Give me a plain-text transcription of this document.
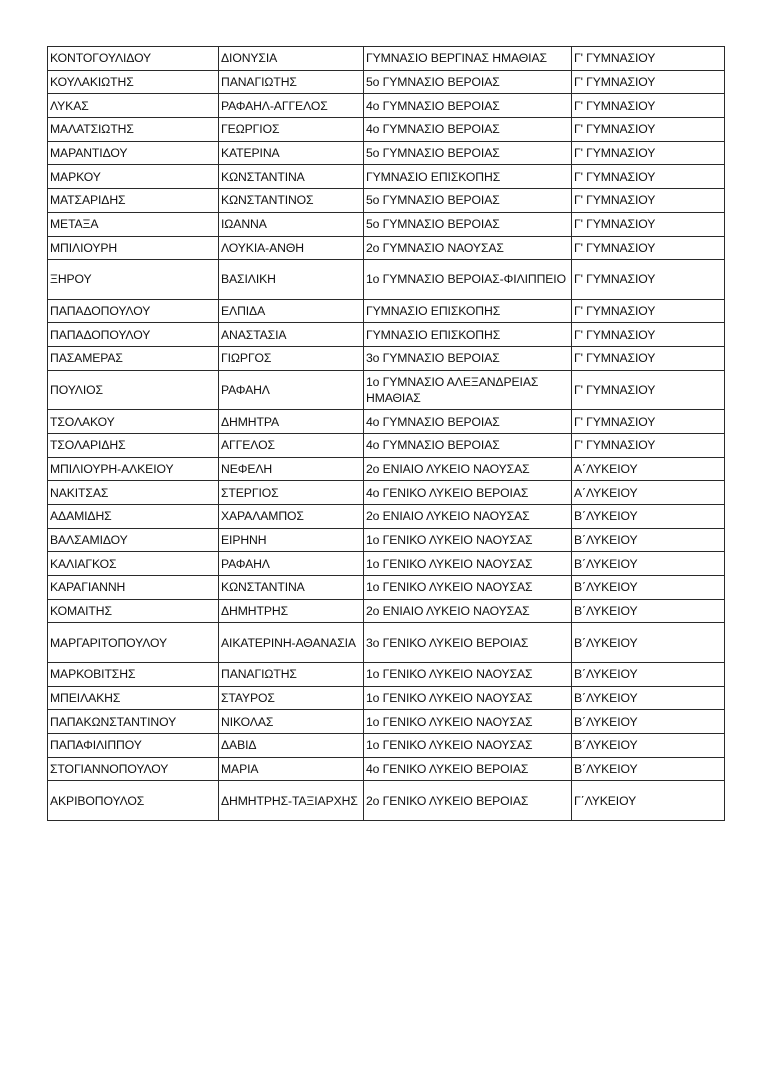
ΚΟΝΤΟΓΟΥΛΙΔΟΥ	ΔΙΟΝΥΣΙΑ	ΓΥΜΝΑΣΙΟ ΒΕΡΓΙΝΑΣ ΗΜΑΘΙΑΣ	Γ' ΓΥΜΝΑΣΙΟΥ
ΚΟΥΛΑΚΙΩΤΗΣ	ΠΑΝΑΓΙΩΤΗΣ	5ο ΓΥΜΝΑΣΙΟ ΒΕΡΟΙΑΣ	Γ' ΓΥΜΝΑΣΙΟΥ
ΛΥΚΑΣ	ΡΑΦΑΗΛ-ΑΓΓΕΛΟΣ	4ο ΓΥΜΝΑΣΙΟ ΒΕΡΟΙΑΣ	Γ' ΓΥΜΝΑΣΙΟΥ
ΜΑΛΑΤΣΙΩΤΗΣ	ΓΕΩΡΓΙΟΣ	4ο ΓΥΜΝΑΣΙΟ ΒΕΡΟΙΑΣ	Γ' ΓΥΜΝΑΣΙΟΥ
ΜΑΡΑΝΤΙΔΟΥ	ΚΑΤΕΡΙΝΑ	5ο ΓΥΜΝΑΣΙΟ ΒΕΡΟΙΑΣ	Γ' ΓΥΜΝΑΣΙΟΥ
ΜΑΡΚΟΥ	ΚΩΝΣΤΑΝΤΙΝΑ	ΓΥΜΝΑΣΙΟ ΕΠΙΣΚΟΠΗΣ	Γ' ΓΥΜΝΑΣΙΟΥ
ΜΑΤΣΑΡΙΔΗΣ	ΚΩΝΣΤΑΝΤΙΝΟΣ	5ο ΓΥΜΝΑΣΙΟ ΒΕΡΟΙΑΣ	Γ' ΓΥΜΝΑΣΙΟΥ
ΜΕΤΑΞΑ	ΙΩΑΝΝΑ	5ο ΓΥΜΝΑΣΙΟ ΒΕΡΟΙΑΣ	Γ' ΓΥΜΝΑΣΙΟΥ
ΜΠΙΛΙΟΥΡΗ	ΛΟΥΚΙΑ-ΑΝΘΗ	2ο ΓΥΜΝΑΣΙΟ ΝΑΟΥΣΑΣ	Γ' ΓΥΜΝΑΣΙΟΥ
ΞΗΡΟΥ	ΒΑΣΙΛΙΚΗ	1ο ΓΥΜΝΑΣΙΟ ΒΕΡΟΙΑΣ-ΦΙΛΙΠΠΕΙΟ	Γ' ΓΥΜΝΑΣΙΟΥ
ΠΑΠΑΔΟΠΟΥΛΟΥ	ΕΛΠΙΔΑ	ΓΥΜΝΑΣΙΟ ΕΠΙΣΚΟΠΗΣ	Γ' ΓΥΜΝΑΣΙΟΥ
ΠΑΠΑΔΟΠΟΥΛΟΥ	ΑΝΑΣΤΑΣΙΑ	ΓΥΜΝΑΣΙΟ ΕΠΙΣΚΟΠΗΣ	Γ' ΓΥΜΝΑΣΙΟΥ
ΠΑΣΑΜΕΡΑΣ	ΓΙΩΡΓΟΣ	3ο ΓΥΜΝΑΣΙΟ ΒΕΡΟΙΑΣ	Γ' ΓΥΜΝΑΣΙΟΥ
ΠΟΥΛΙΟΣ	ΡΑΦΑΗΛ	1ο ΓΥΜΝΑΣΙΟ ΑΛΕΞΑΝΔΡΕΙΑΣ ΗΜΑΘΙΑΣ	Γ' ΓΥΜΝΑΣΙΟΥ
ΤΣΟΛΑΚΟΥ	ΔΗΜΗΤΡΑ	4ο ΓΥΜΝΑΣΙΟ ΒΕΡΟΙΑΣ	Γ' ΓΥΜΝΑΣΙΟΥ
ΤΣΟΛΑΡΙΔΗΣ	ΑΓΓΕΛΟΣ	4ο ΓΥΜΝΑΣΙΟ ΒΕΡΟΙΑΣ	Γ' ΓΥΜΝΑΣΙΟΥ
ΜΠΙΛΙΟΥΡΗ-ΑΛΚΕΙΟΥ	ΝΕΦΕΛΗ	2ο ΕΝΙΑΙΟ ΛΥΚΕΙΟ ΝΑΟΥΣΑΣ	Α΄ΛΥΚΕΙΟΥ
ΝΑΚΙΤΣΑΣ	ΣΤΕΡΓΙΟΣ	4ο ΓΕΝΙΚΟ ΛΥΚΕΙΟ ΒΕΡΟΙΑΣ	Α΄ΛΥΚΕΙΟΥ
ΑΔΑΜΙΔΗΣ	ΧΑΡΑΛΑΜΠΟΣ	2ο ΕΝΙΑΙΟ ΛΥΚΕΙΟ ΝΑΟΥΣΑΣ	Β΄ΛΥΚΕΙΟΥ
ΒΑΛΣΑΜΙΔΟΥ	ΕΙΡΗΝΗ	1ο ΓΕΝΙΚΟ ΛΥΚΕΙΟ ΝΑΟΥΣΑΣ	Β΄ΛΥΚΕΙΟΥ
ΚΑΛΙΑΓΚΟΣ	ΡΑΦΑΗΛ	1ο ΓΕΝΙΚΟ ΛΥΚΕΙΟ ΝΑΟΥΣΑΣ	Β΄ΛΥΚΕΙΟΥ
ΚΑΡΑΓΙΑΝΝΗ	ΚΩΝΣΤΑΝΤΙΝΑ	1ο ΓΕΝΙΚΟ ΛΥΚΕΙΟ ΝΑΟΥΣΑΣ	Β΄ΛΥΚΕΙΟΥ
ΚΟΜΑΙΤΗΣ	ΔΗΜΗΤΡΗΣ	2ο ΕΝΙΑΙΟ ΛΥΚΕΙΟ ΝΑΟΥΣΑΣ	Β΄ΛΥΚΕΙΟΥ
ΜΑΡΓΑΡΙΤΟΠΟΥΛΟΥ	ΑΙΚΑΤΕΡΙΝΗ-ΑΘΑΝΑΣΙΑ	3ο ΓΕΝΙΚΟ ΛΥΚΕΙΟ ΒΕΡΟΙΑΣ	Β΄ΛΥΚΕΙΟΥ
ΜΑΡΚΟΒΙΤΣΗΣ	ΠΑΝΑΓΙΩΤΗΣ	1ο ΓΕΝΙΚΟ ΛΥΚΕΙΟ ΝΑΟΥΣΑΣ	Β΄ΛΥΚΕΙΟΥ
ΜΠΕΙΛΑΚΗΣ	ΣΤΑΥΡΟΣ	1ο ΓΕΝΙΚΟ ΛΥΚΕΙΟ ΝΑΟΥΣΑΣ	Β΄ΛΥΚΕΙΟΥ
ΠΑΠΑΚΩΝΣΤΑΝΤΙΝΟΥ	ΝΙΚΟΛΑΣ	1ο ΓΕΝΙΚΟ ΛΥΚΕΙΟ ΝΑΟΥΣΑΣ	Β΄ΛΥΚΕΙΟΥ
ΠΑΠΑΦΙΛΙΠΠΟΥ	ΔΑΒΙΔ	1ο ΓΕΝΙΚΟ ΛΥΚΕΙΟ ΝΑΟΥΣΑΣ	Β΄ΛΥΚΕΙΟΥ
ΣΤΟΓΙΑΝΝΟΠΟΥΛΟΥ	ΜΑΡΙΑ	4ο ΓΕΝΙΚΟ ΛΥΚΕΙΟ ΒΕΡΟΙΑΣ	Β΄ΛΥΚΕΙΟΥ
ΑΚΡΙΒΟΠΟΥΛΟΣ	ΔΗΜΗΤΡΗΣ-ΤΑΞΙΑΡΧΗΣ	2ο ΓΕΝΙΚΟ ΛΥΚΕΙΟ ΒΕΡΟΙΑΣ	Γ΄ΛΥΚΕΙΟΥ
